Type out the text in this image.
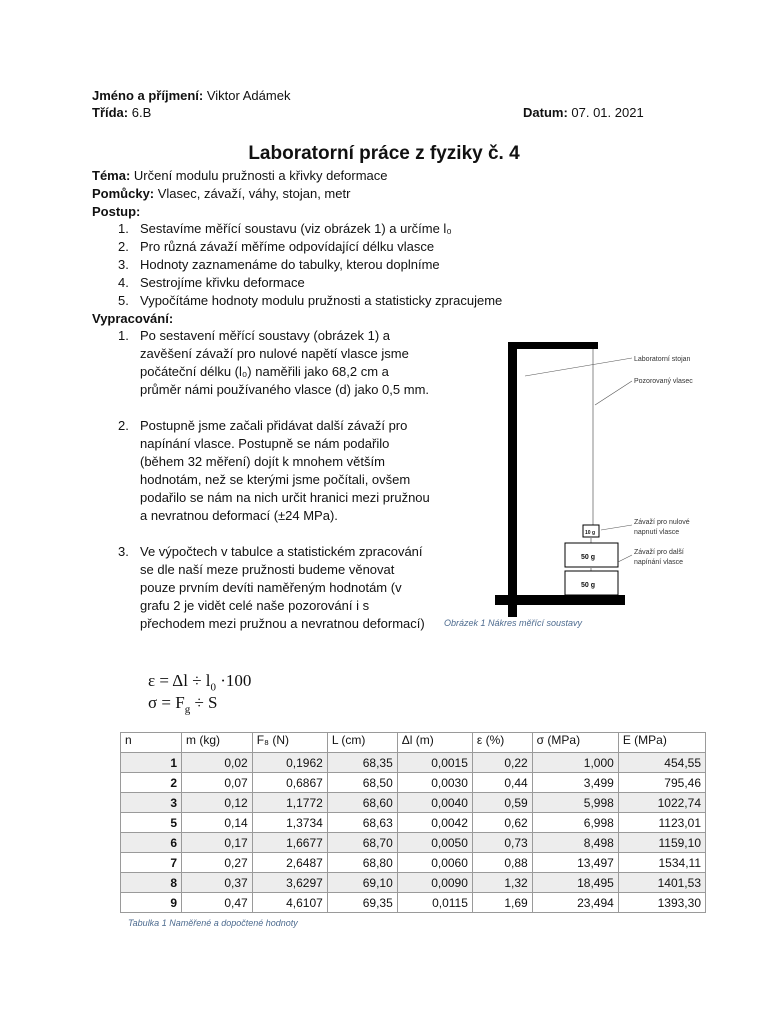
Jméno a příjmení: Viktor Adámek
Třída: 6.B	Datum: 07. 01. 2021
Laboratorní práce z fyziky č. 4
Téma: Určení modulu pružnosti a křivky deformace
Pomůcky: Vlasec, závaží, váhy, stojan, metr
Postup:
1. Sestavíme měřící soustavu (viz obrázek 1) a určíme l₀
2. Pro různá závaží měříme odpovídající délku vlasce
3. Hodnoty zaznamenáme do tabulky, kterou doplníme
4. Sestrojíme křivku deformace
5. Vypočítáme hodnoty modulu pružnosti a statisticky zpracujeme
Vypracování:
1. Po sestavení měřící soustavy (obrázek 1) a zavěšení závaží pro nulové napětí vlasce jsme počáteční délku (l₀) naměřili jako 68,2 cm a průměr námi používaného vlasce (d) jako 0,5 mm.
2. Postupně jsme začali přidávat další závaží pro napínání vlasce. Postupně se nám podařilo (během 32 měření) dojít k mnohem větším hodnotám, než se kterými jsme počítali, ovšem podařilo se nám na nich určit hranici mezi pružnou a nevratnou deformací (±24 MPa).
3. Ve výpočtech v tabulce a statistickém zpracování se dle naší meze pružnosti budeme věnovat pouze prvním devíti naměřeným hodnotám (v grafu 2 je vidět celé naše pozorování i s přechodem mezi pružnou a nevratnou deformací)
$\varepsilon = \Delta l \div l_0 \cdot 100$
$\sigma = F_g \div S$
10 g
50 g
50 g
Laboratorní stojan
Pozorovaný vlasec
Závaží pro nulové
napnutí vlasce
Závaží pro další
napínání vlasce
Obrázek 1 Nákres měřící soustavy
n	m (kg)	F₈ (N)	L (cm)	Δl (m)	ε (%)	σ (MPa)	E (MPa)
1	0,02	0,1962	68,35	0,0015	0,22	1,000	454,55
2	0,07	0,6867	68,50	0,0030	0,44	3,499	795,46
3	0,12	1,1772	68,60	0,0040	0,59	5,998	1022,74
5	0,14	1,3734	68,63	0,0042	0,62	6,998	1123,01
6	0,17	1,6677	68,70	0,0050	0,73	8,498	1159,10
7	0,27	2,6487	68,80	0,0060	0,88	13,497	1534,11
8	0,37	3,6297	69,10	0,0090	1,32	18,495	1401,53
9	0,47	4,6107	69,35	0,0115	1,69	23,494	1393,30
Tabulka 1 Naměřené a dopočtené hodnoty
